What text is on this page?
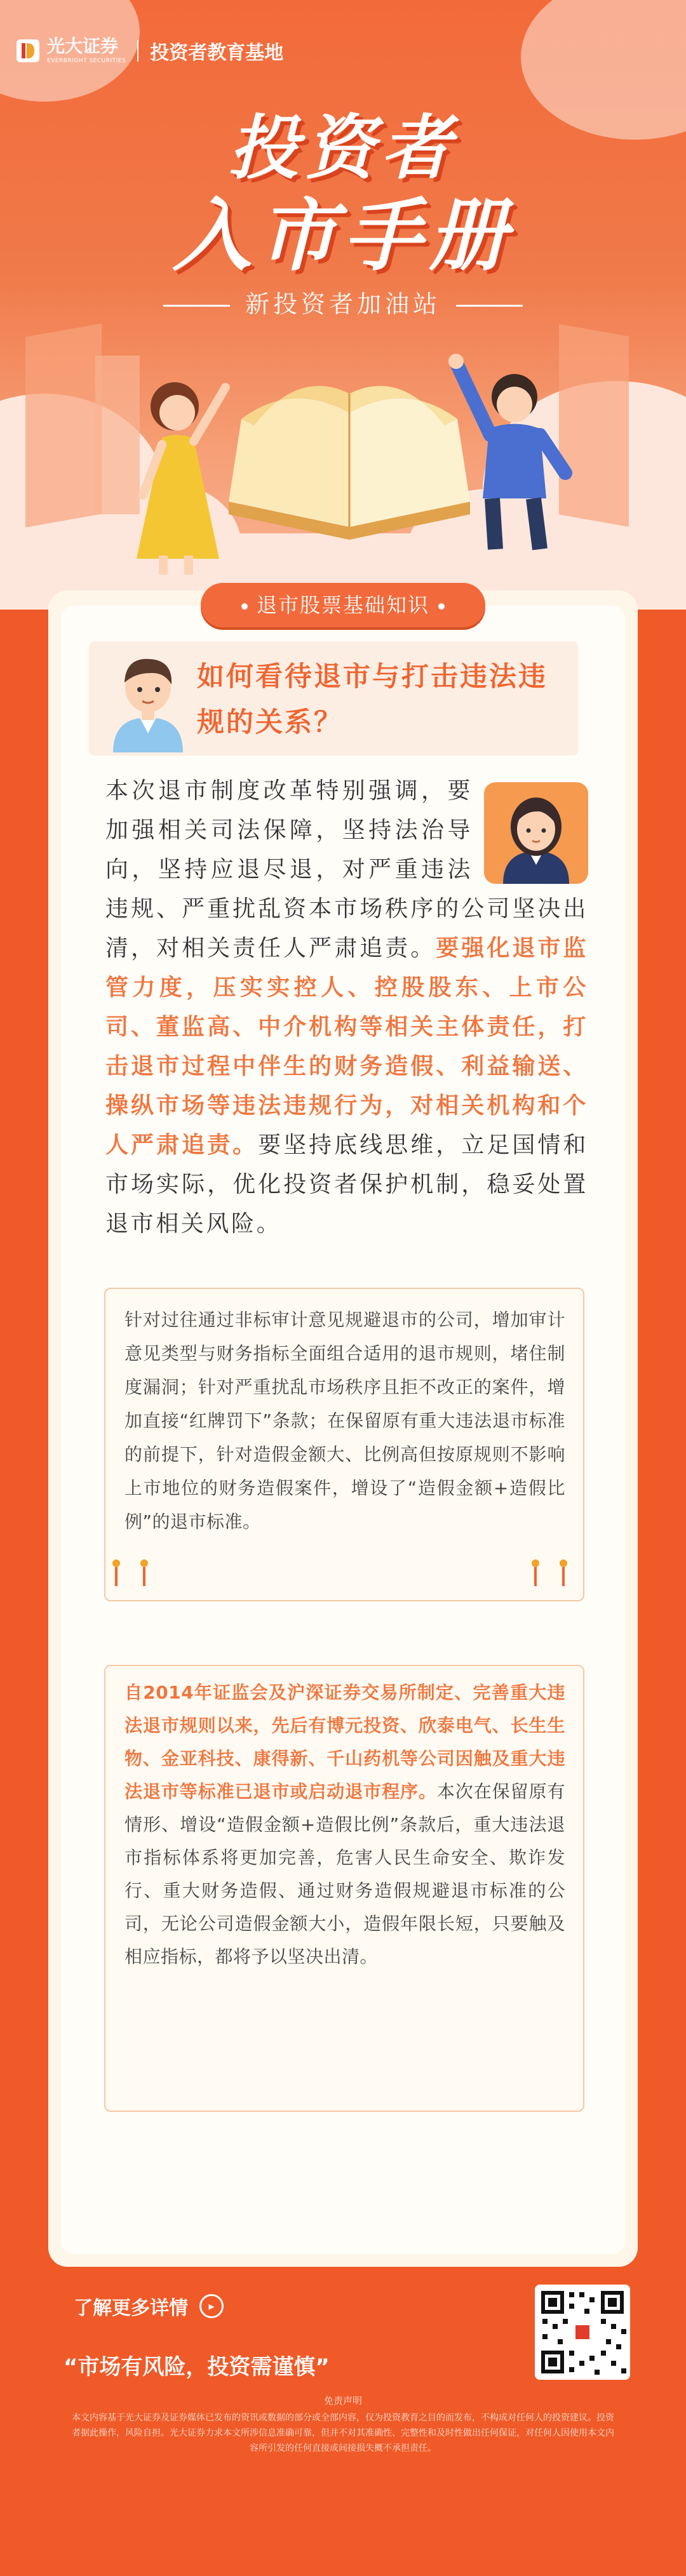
光大证券
EVERBRIGHT SECURITIES 投资者教育基地
投资者
入市手册
新投资者加油站
退市股票基础知识
如何看待退市与打击违法违规的关系？
本次退市制度改革特别强调，要加强相关司法保障，坚持法治导向，坚持应退尽退，对严重违法违规、严重扰乱资本市场秩序的公司坚决出清，对相关责任人严肃追责。要强化退市监管力度，压实实控人、控股股东、上市公司、董监高、中介机构等相关主体责任，打击退市过程中伴生的财务造假、利益输送、操纵市场等违法违规行为，对相关机构和个人严肃追责。要坚持底线思维，立足国情和市场实际，优化投资者保护机制，稳妥处置退市相关风险。
针对过往通过非标审计意见规避退市的公司，增加审计意见类型与财务指标全面组合适用的退市规则，堵住制度漏洞；针对严重扰乱市场秩序且拒不改正的案件，增加直接“红牌罚下”条款；在保留原有重大违法退市标准的前提下，针对造假金额大、比例高但按原规则不影响上市地位的财务造假案件，增设了“造假金额+造假比例”的退市标准。
自2014年证监会及沪深证券交易所制定、完善重大违法退市规则以来，先后有博元投资、欣泰电气、长生生物、金亚科技、康得新、千山药机等公司因触及重大违法退市等标准已退市或启动退市程序。本次在保留原有情形、增设“造假金额+造假比例”条款后，重大违法退市指标体系将更加完善，危害人民生命安全、欺诈发行、重大财务造假、通过财务造假规避退市标准的公司，无论公司造假金额大小，造假年限长短，只要触及相应指标，都将予以坚决出清。
了解更多详情	▸
“市场有风险，投资需谨慎”
免责声明
本文内容基于光大证券及证券媒体已发布的资讯或数据的部分或全部内容，仅为投资教育之目的而发布，不构成对任何人的投资建议。投资者据此操作，风险自担。光大证券力求本文所涉信息准确可靠，但并不对其准确性、完整性和及时性做出任何保证，对任何人因使用本文内容所引发的任何直接或间接损失概不承担责任。
